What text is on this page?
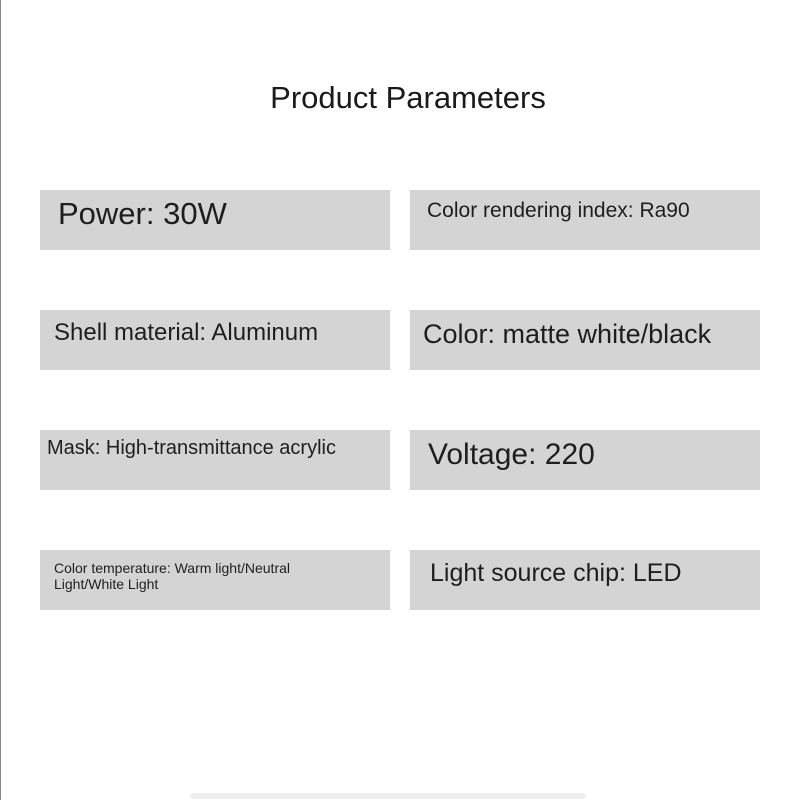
Product Parameters
Power: 30W	Color rendering index: Ra90
Shell material: Aluminum	Color: matte white/black
Mask: High-transmittance acrylic	Voltage: 220
Color temperature: Warm light/Neutral Light/White Light	Light source chip: LED
